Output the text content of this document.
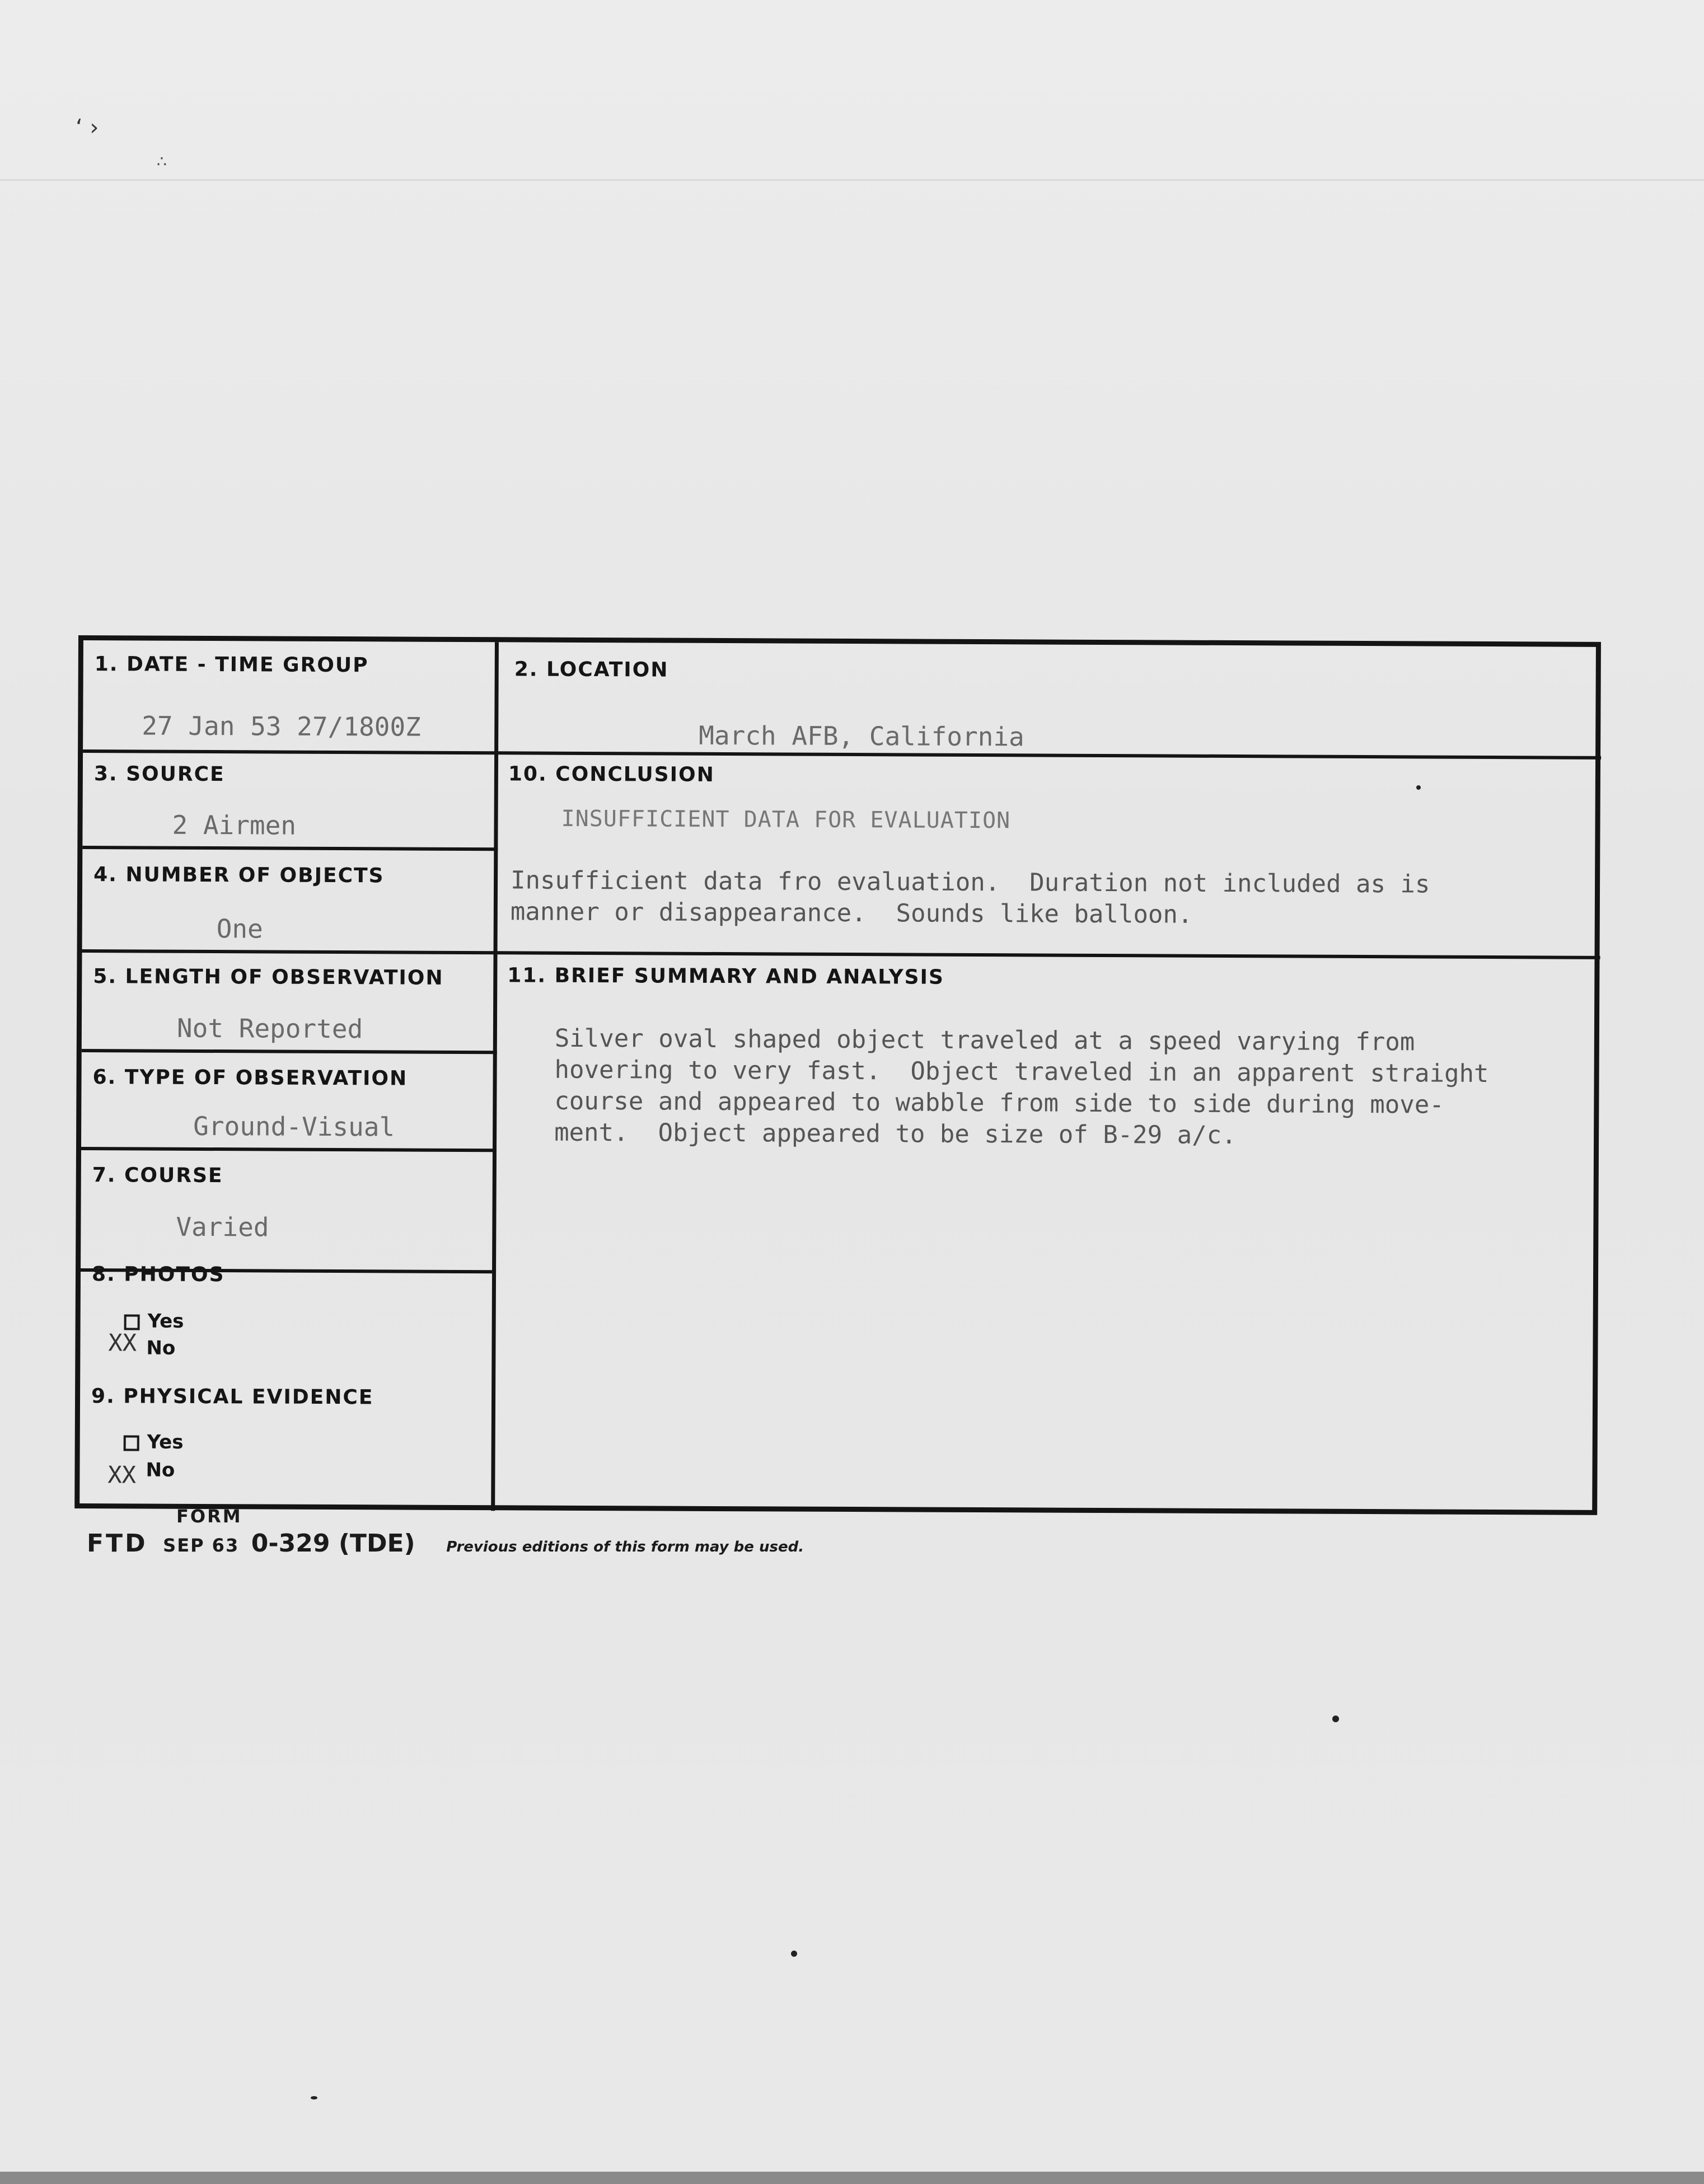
‘ ›
∴
1. DATE - TIME GROUP
27 Jan 53 27/1800Z
2. LOCATION
March AFB, California
3. SOURCE
2 Airmen
4. NUMBER OF OBJECTS
One
5. LENGTH OF OBSERVATION
Not Reported
6. TYPE OF OBSERVATION
Ground-Visual
7. COURSE
Varied
8. PHOTOS
Yes
XX No
9. PHYSICAL EVIDENCE
Yes
XX No
10. CONCLUSION
INSUFFICIENT DATA FOR EVALUATION
Insufficient data fro evaluation.  Duration not included as is
manner or disappearance.  Sounds like balloon.
11. BRIEF SUMMARY AND ANALYSIS
Silver oval shaped object traveled at a speed varying from
hovering to very fast.  Object traveled in an apparent straight
course and appeared to wabble from side to side during move-
ment.  Object appeared to be size of B-29 a/c.
FORM
FTD SEP 63 0-329 (TDE) Previous editions of this form may be used.
